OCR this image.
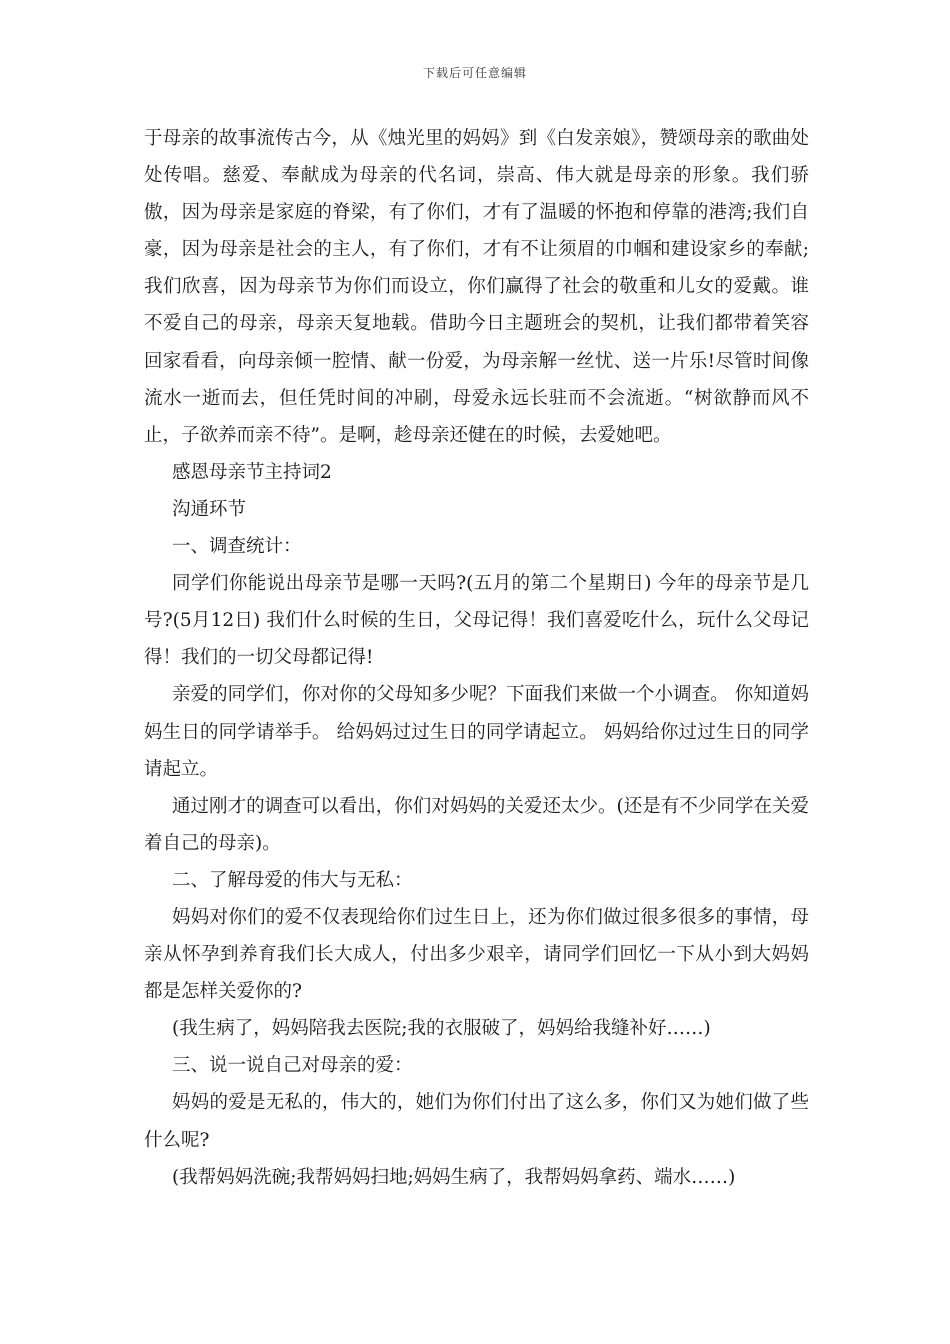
下载后可任意编辑

于母亲的故事流传古今，从《烛光里的妈妈》到《白发亲娘》，赞颂母亲的歌曲处处传唱。慈爱、奉献成为母亲的代名词，崇高、伟大就是母亲的形象。我们骄傲，因为母亲是家庭的脊梁，有了你们，才有了温暖的怀抱和停靠的港湾;我们自豪，因为母亲是社会的主人，有了你们，才有不让须眉的巾帼和建设家乡的奉献;我们欣喜，因为母亲节为你们而设立，你们赢得了社会的敬重和儿女的爱戴。谁不爱自己的母亲，母亲天复地载。借助今日主题班会的契机，让我们都带着笑容回家看看，向母亲倾一腔情、献一份爱，为母亲解一丝忧、送一片乐!尽管时间像流水一逝而去，但任凭时间的冲刷，母爱永远长驻而不会流逝。“树欲静而风不止，子欲养而亲不待”。是啊，趁母亲还健在的时候，去爱她吧。

感恩母亲节主持词2

沟通环节

一、调查统计：

同学们你能说出母亲节是哪一天吗?(五月的第二个星期日) 今年的母亲节是几号?(5月12日) 我们什么时候的生日，父母记得！我们喜爱吃什么，玩什么父母记得！我们的一切父母都记得!

亲爱的同学们，你对你的父母知多少呢？下面我们来做一个小调查。 你知道妈妈生日的同学请举手。 给妈妈过过生日的同学请起立。 妈妈给你过过生日的同学请起立。

通过刚才的调查可以看出，你们对妈妈的关爱还太少。(还是有不少同学在关爱着自己的母亲)。

二、了解母爱的伟大与无私：

妈妈对你们的爱不仅表现给你们过生日上，还为你们做过很多很多的事情，母亲从怀孕到养育我们长大成人，付出多少艰辛，请同学们回忆一下从小到大妈妈都是怎样关爱你的?

(我生病了，妈妈陪我去医院;我的衣服破了，妈妈给我缝补好……)

三、说一说自己对母亲的爱：

妈妈的爱是无私的，伟大的，她们为你们付出了这么多，你们又为她们做了些什么呢?

(我帮妈妈洗碗;我帮妈妈扫地;妈妈生病了，我帮妈妈拿药、端水……)
